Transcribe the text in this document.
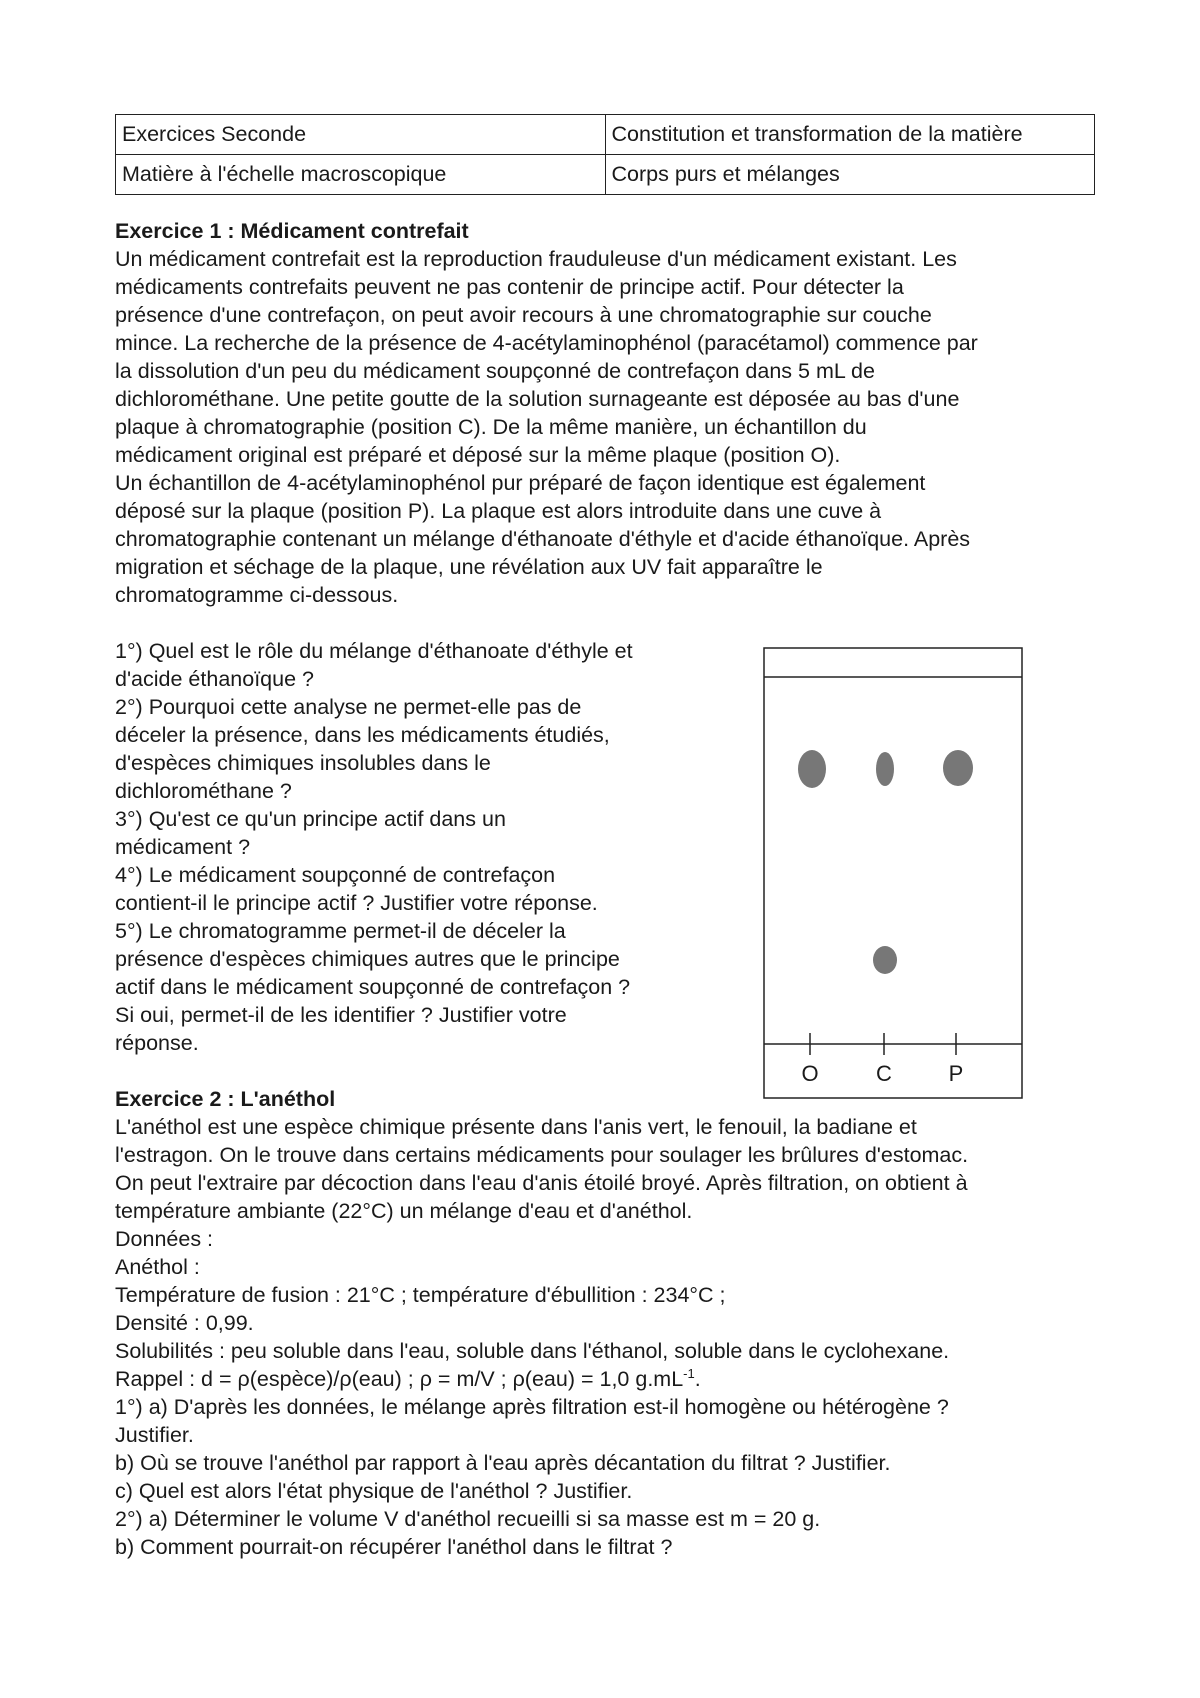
Exercices Seconde	Constitution et transformation de la matière
Matière à l'échelle macroscopique	Corps purs et mélanges
Exercice 1 : Médicament contrefait

Un médicament contrefait est la reproduction frauduleuse d'un médicament existant. Les

médicaments contrefaits peuvent ne pas contenir de principe actif. Pour détecter la

présence d'une contrefaçon, on peut avoir recours à une chromatographie sur couche

mince. La recherche de la présence de 4-acétylaminophénol (paracétamol) commence par

la dissolution d'un peu du médicament soupçonné de contrefaçon dans 5 mL de

dichlorométhane. Une petite goutte de la solution surnageante est déposée au bas d'une

plaque à chromatographie (position C). De la même manière, un échantillon du

médicament original est préparé et déposé sur la même plaque (position O).

Un échantillon de 4-acétylaminophénol pur préparé de façon identique est également

déposé sur la plaque (position P). La plaque est alors introduite dans une cuve à

chromatographie contenant un mélange d'éthanoate d'éthyle et d'acide éthanoïque. Après

migration et séchage de la plaque, une révélation aux UV fait apparaître le

chromatogramme ci-dessous.

O	C	P

1°) Quel est le rôle du mélange d'éthanoate d'éthyle et

d'acide éthanoïque ?

2°) Pourquoi cette analyse ne permet-elle pas de

déceler la présence, dans les médicaments étudiés,

d'espèces chimiques insolubles dans le

dichlorométhane ?

3°) Qu'est ce qu'un principe actif dans un

médicament ?

4°) Le médicament soupçonné de contrefaçon

contient-il le principe actif ? Justifier votre réponse.

5°) Le chromatogramme permet-il de déceler la

présence d'espèces chimiques autres que le principe

actif dans le médicament soupçonné de contrefaçon ?

Si oui, permet-il de les identifier ? Justifier votre

réponse.

Exercice 2 : L'anéthol

L'anéthol est une espèce chimique présente dans l'anis vert, le fenouil, la badiane et

l'estragon. On le trouve dans certains médicaments pour soulager les brûlures d'estomac.

On peut l'extraire par décoction dans l'eau d'anis étoilé broyé. Après filtration, on obtient à

température ambiante (22°C) un mélange d'eau et d'anéthol.

Données :

Anéthol :

Température de fusion : 21°C ; température d'ébullition : 234°C ;

Densité : 0,99.

Solubilités : peu soluble dans l'eau, soluble dans l'éthanol, soluble dans le cyclohexane.

Rappel : d = ρ(espèce)/ρ(eau) ; ρ = m/V ; ρ(eau) = 1,0 $g.mL^{-1}$.

1°) a) D'après les données, le mélange après filtration est-il homogène ou hétérogène ?

Justifier.

b) Où se trouve l'anéthol par rapport à l'eau après décantation du filtrat ? Justifier.

c) Quel est alors l'état physique de l'anéthol ? Justifier.

2°) a) Déterminer le volume V d'anéthol recueilli si sa masse est m = 20 g.

b) Comment pourrait-on récupérer l'anéthol dans le filtrat ?
